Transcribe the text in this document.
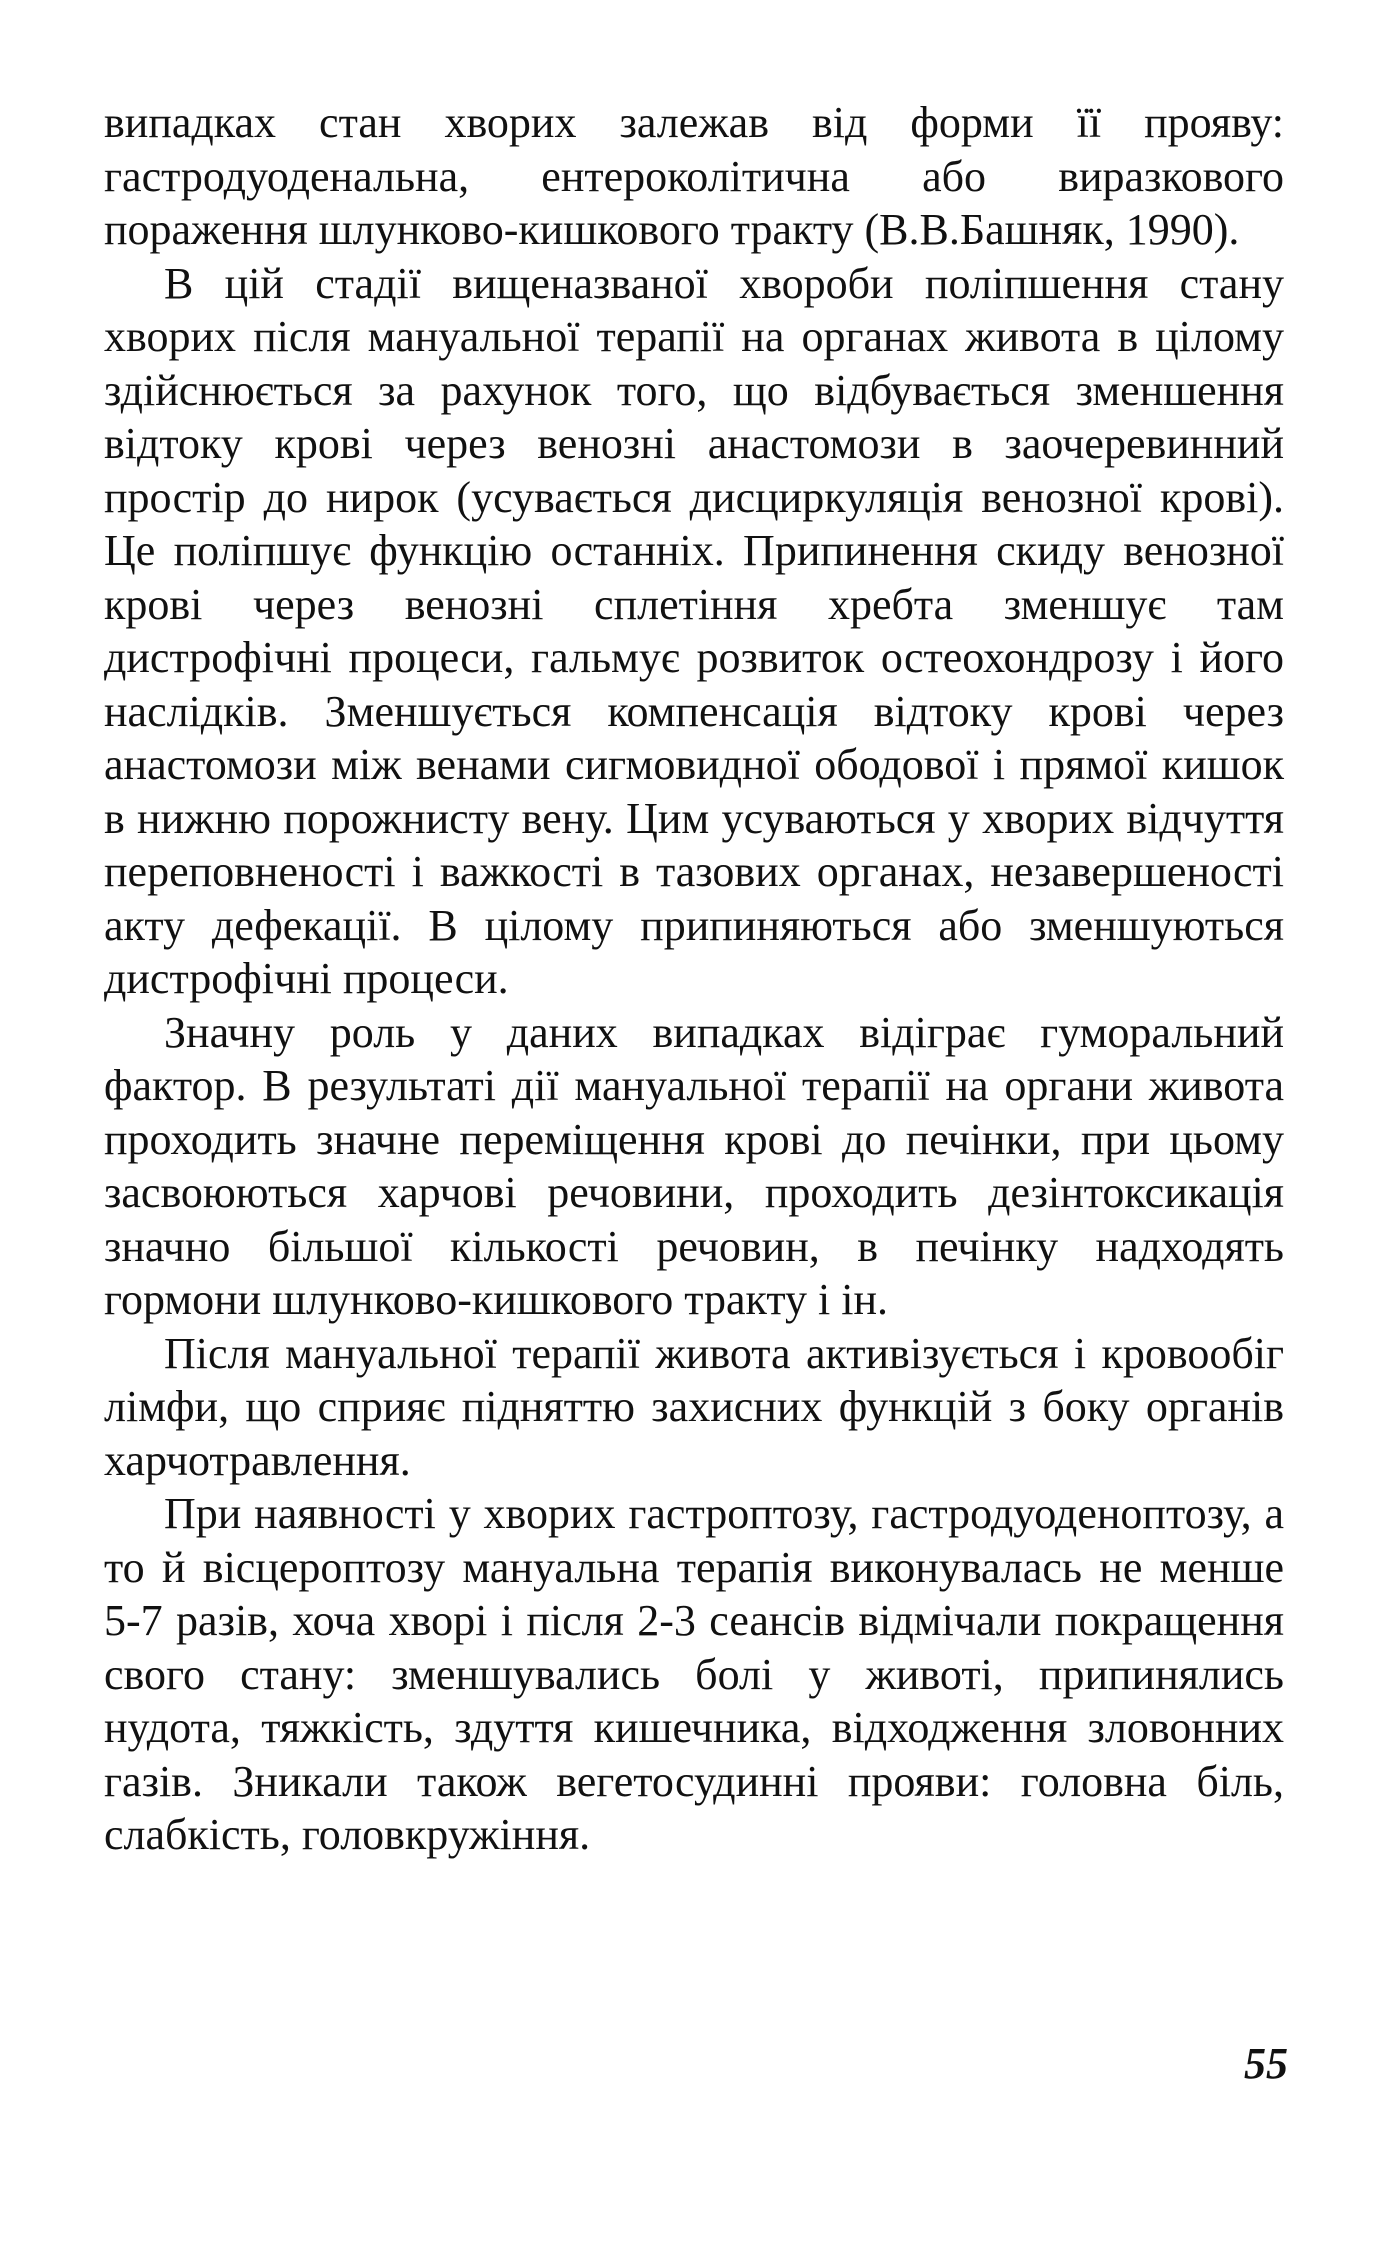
випадках стан хворих залежав від форми її прояву: гастродуоденальна, ентероколітична або виразкового пораження шлунково-кишкового тракту (В.В.Башняк, 1990).

В цій стадії вищеназваної хвороби поліпшення стану хворих після мануальної терапії на органах живота в цілому здійснюється за рахунок того, що відбувається зменшення відтоку крові через венозні анастомози в заочеревинний простір до нирок (усувається дисциркуляція венозної крові). Це поліпшує функцію останніх. Припинення скиду венозної крові через венозні сплетіння хребта зменшує там дистрофічні процеси, гальмує розвиток остеохондрозу і його наслідків. Зменшується компенсація відтоку крові через анастомози між венами сигмовидної ободової і прямої кишок в нижню порожнисту вену. Цим усуваються у хворих відчуття переповненості і важкості в тазових органах, незавершеності акту дефекації. В цілому припиняються або зменшуються дистрофічні процеси.

Значну роль у даних випадках відіграє гуморальний фактор. В результаті дії мануальної терапії на органи живота проходить значне переміщення крові до печінки, при цьому засвоюються харчові речовини, проходить дезінтоксикація значно більшої кількості речовин, в печінку надходять гормони шлунково-кишкового тракту і ін.

Після мануальної терапії живота активізується і кровообіг лімфи, що сприяє підняттю захисних функцій з боку органів харчотравлення.

При наявності у хворих гастроптозу, гастродуоденоптозу, а то й вісцероптозу мануальна терапія виконувалась не менше 5-7 разів, хоча хворі і після 2-3 сеансів відмічали покращення свого стану: зменшувались болі у животі, припинялись нудота, тяжкість, здуття кишечника, відходження зловонних газів. Зникали також вегетосудинні прояви: головна біль, слабкість, головкружіння.

55
